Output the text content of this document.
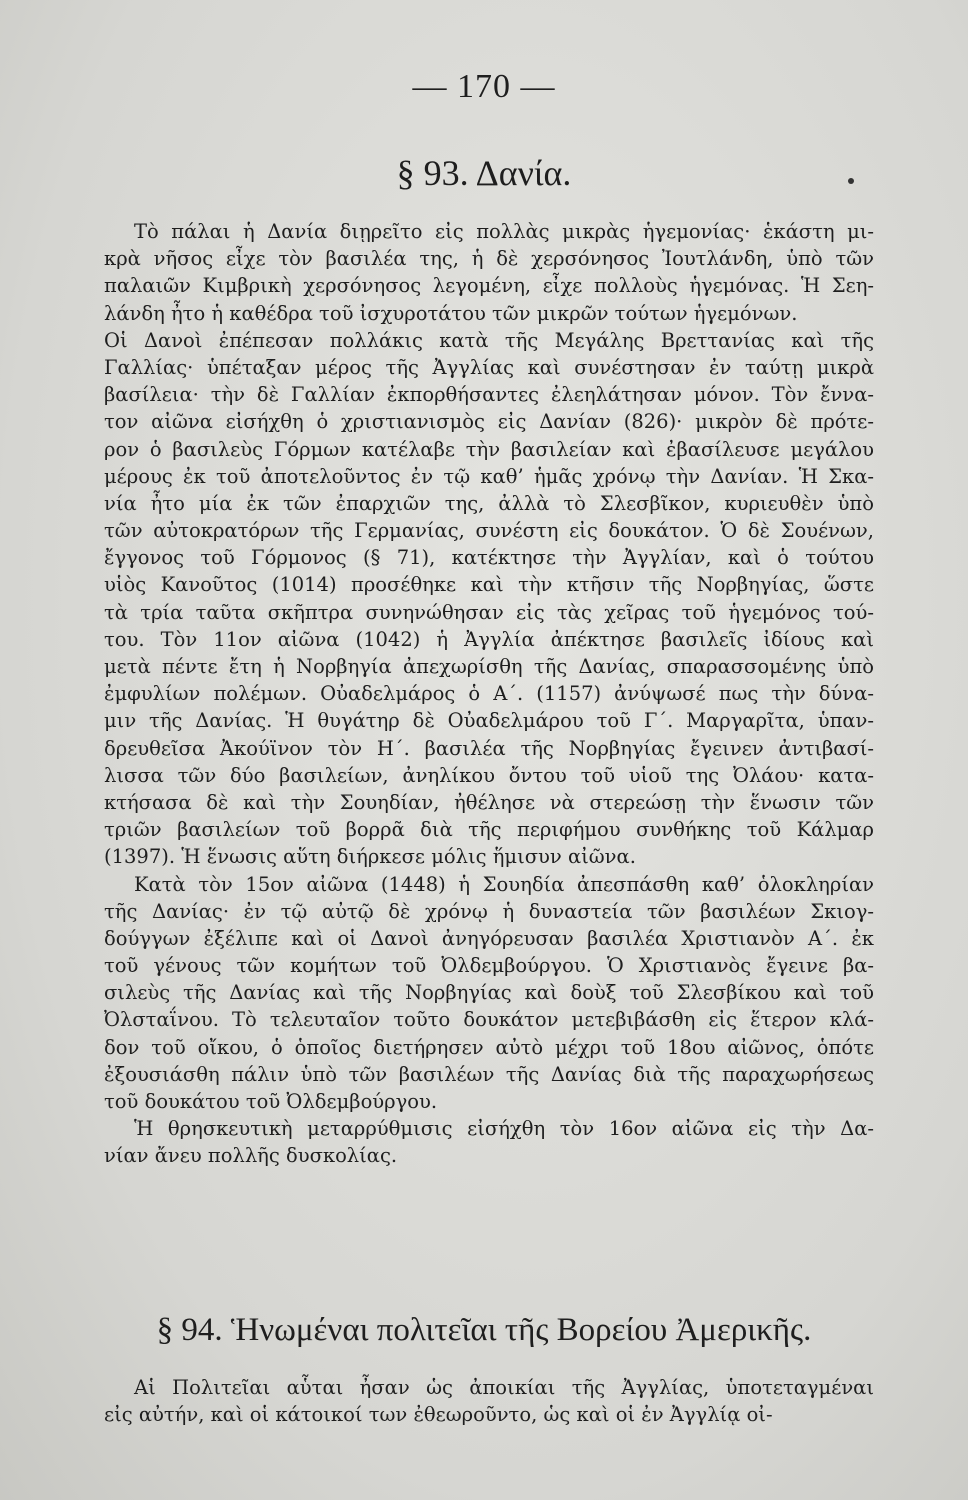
— 170 —
§ 93. Δανία.
Τὸ πάλαι ἡ Δανία διῃρεῖτο εἰς πολλὰς μικρὰς ἡγεμονίας· ἑκάστη μι-
κρὰ νῆσος εἶχε τὸν βασιλέα της, ἡ δὲ χερσόνησος Ἰουτλάνδη, ὑπὸ τῶν
παλαιῶν Κιμβρικὴ χερσόνησος λεγομένη, εἶχε πολλοὺς ἡγεμόνας. Ἡ Σεη-
λάνδη ἦτο ἡ καθέδρα τοῦ ἰσχυροτάτου τῶν μικρῶν τούτων ἡγεμόνων.
Οἱ Δανοὶ ἐπέπεσαν πολλάκις κατὰ τῆς Μεγάλης Βρεττανίας καὶ τῆς
Γαλλίας· ὑπέταξαν μέρος τῆς Ἀγγλίας καὶ συνέστησαν ἐν ταύτῃ μικρὰ
βασίλεια· τὴν δὲ Γαλλίαν ἐκπορθήσαντες ἐλεηλάτησαν μόνον. Τὸν ἔννα-
τον αἰῶνα εἰσήχθη ὁ χριστιανισμὸς εἰς Δανίαν (826)· μικρὸν δὲ πρότε-
ρον ὁ βασιλεὺς Γόρμων κατέλαβε τὴν βασιλείαν καὶ ἐβασίλευσε μεγάλου
μέρους ἐκ τοῦ ἀποτελοῦντος ἐν τῷ καθ’ ἡμᾶς χρόνῳ τὴν Δανίαν. Ἡ Σκα-
νία ἦτο μία ἐκ τῶν ἐπαρχιῶν της, ἀλλὰ τὸ Σλεσβῖκον, κυριευθὲν ὑπὸ
τῶν αὐτοκρατόρων τῆς Γερμανίας, συνέστη εἰς δουκάτον. Ὁ δὲ Σουένων,
ἔγγονος τοῦ Γόρμονος (§ 71), κατέκτησε τὴν Ἀγγλίαν, καὶ ὁ τούτου
υἱὸς Κανοῦτος (1014) προσέθηκε καὶ τὴν κτῆσιν τῆς Νορβηγίας, ὥστε
τὰ τρία ταῦτα σκῆπτρα συνηνώθησαν εἰς τὰς χεῖρας τοῦ ἡγεμόνος τού-
του. Τὸν 11ον αἰῶνα (1042) ἡ Ἀγγλία ἀπέκτησε βασιλεῖς ἰδίους καὶ
μετὰ πέντε ἔτη ἡ Νορβηγία ἀπεχωρίσθη τῆς Δανίας, σπαρασσομένης ὑπὸ
ἐμφυλίων πολέμων. Οὐαδελμάρος ὁ Α΄. (1157) ἀνύψωσέ πως τὴν δύνα-
μιν τῆς Δανίας. Ἡ θυγάτηρ δὲ Οὐαδελμάρου τοῦ Γ΄. Μαργαρῖτα, ὑπαν-
δρευθεῖσα Ἀκούϊνον τὸν Η΄. βασιλέα τῆς Νορβηγίας ἔγεινεν ἀντιβασί-
λισσα τῶν δύο βασιλείων, ἀνηλίκου ὄντου τοῦ υἱοῦ της Ὀλάου· κατα-
κτήσασα δὲ καὶ τὴν Σουηδίαν, ἠθέλησε νὰ στερεώσῃ τὴν ἕνωσιν τῶν
τριῶν βασιλείων τοῦ βορρᾶ διὰ τῆς περιφήμου συνθήκης τοῦ Κάλμαρ
(1397). Ἡ ἕνωσις αὕτη διήρκεσε μόλις ἥμισυν αἰῶνα.
Κατὰ τὸν 15ον αἰῶνα (1448) ἡ Σουηδία ἀπεσπάσθη καθ’ ὁλοκληρίαν
τῆς Δανίας· ἐν τῷ αὐτῷ δὲ χρόνῳ ἡ δυναστεία τῶν βασιλέων Σκιογ-
δούγγων ἐξέλιπε καὶ οἱ Δανοὶ ἀνηγόρευσαν βασιλέα Χριστιανὸν Α΄. ἐκ
τοῦ γένους τῶν κομήτων τοῦ Ὀλδεμβούργου. Ὁ Χριστιανὸς ἔγεινε βα-
σιλεὺς τῆς Δανίας καὶ τῆς Νορβηγίας καὶ δοὺξ τοῦ Σλεσβίκου καὶ τοῦ
Ὀλσταΐνου. Τὸ τελευταῖον τοῦτο δουκάτον μετεβιβάσθη εἰς ἕτερον κλά-
δον τοῦ οἴκου, ὁ ὁποῖος διετήρησεν αὐτὸ μέχρι τοῦ 18ου αἰῶνος, ὁπότε
ἐξουσιάσθη πάλιν ὑπὸ τῶν βασιλέων τῆς Δανίας διὰ τῆς παραχωρήσεως
τοῦ δουκάτου τοῦ Ὀλδεμβούργου.
Ἡ θρησκευτικὴ μεταρρύθμισις εἰσήχθη τὸν 16ον αἰῶνα εἰς τὴν Δα-
νίαν ἄνευ πολλῆς δυσκολίας.
§ 94. Ἡνωμέναι πολιτεῖαι τῆς Βορείου Ἀμερικῆς.
Αἱ Πολιτεῖαι αὗται ἦσαν ὡς ἀποικίαι τῆς Ἀγγλίας, ὑποτεταγμέναι
εἰς αὐτήν, καὶ οἱ κάτοικοί των ἐθεωροῦντο, ὡς καὶ οἱ ἐν Ἀγγλίᾳ οἰ-
